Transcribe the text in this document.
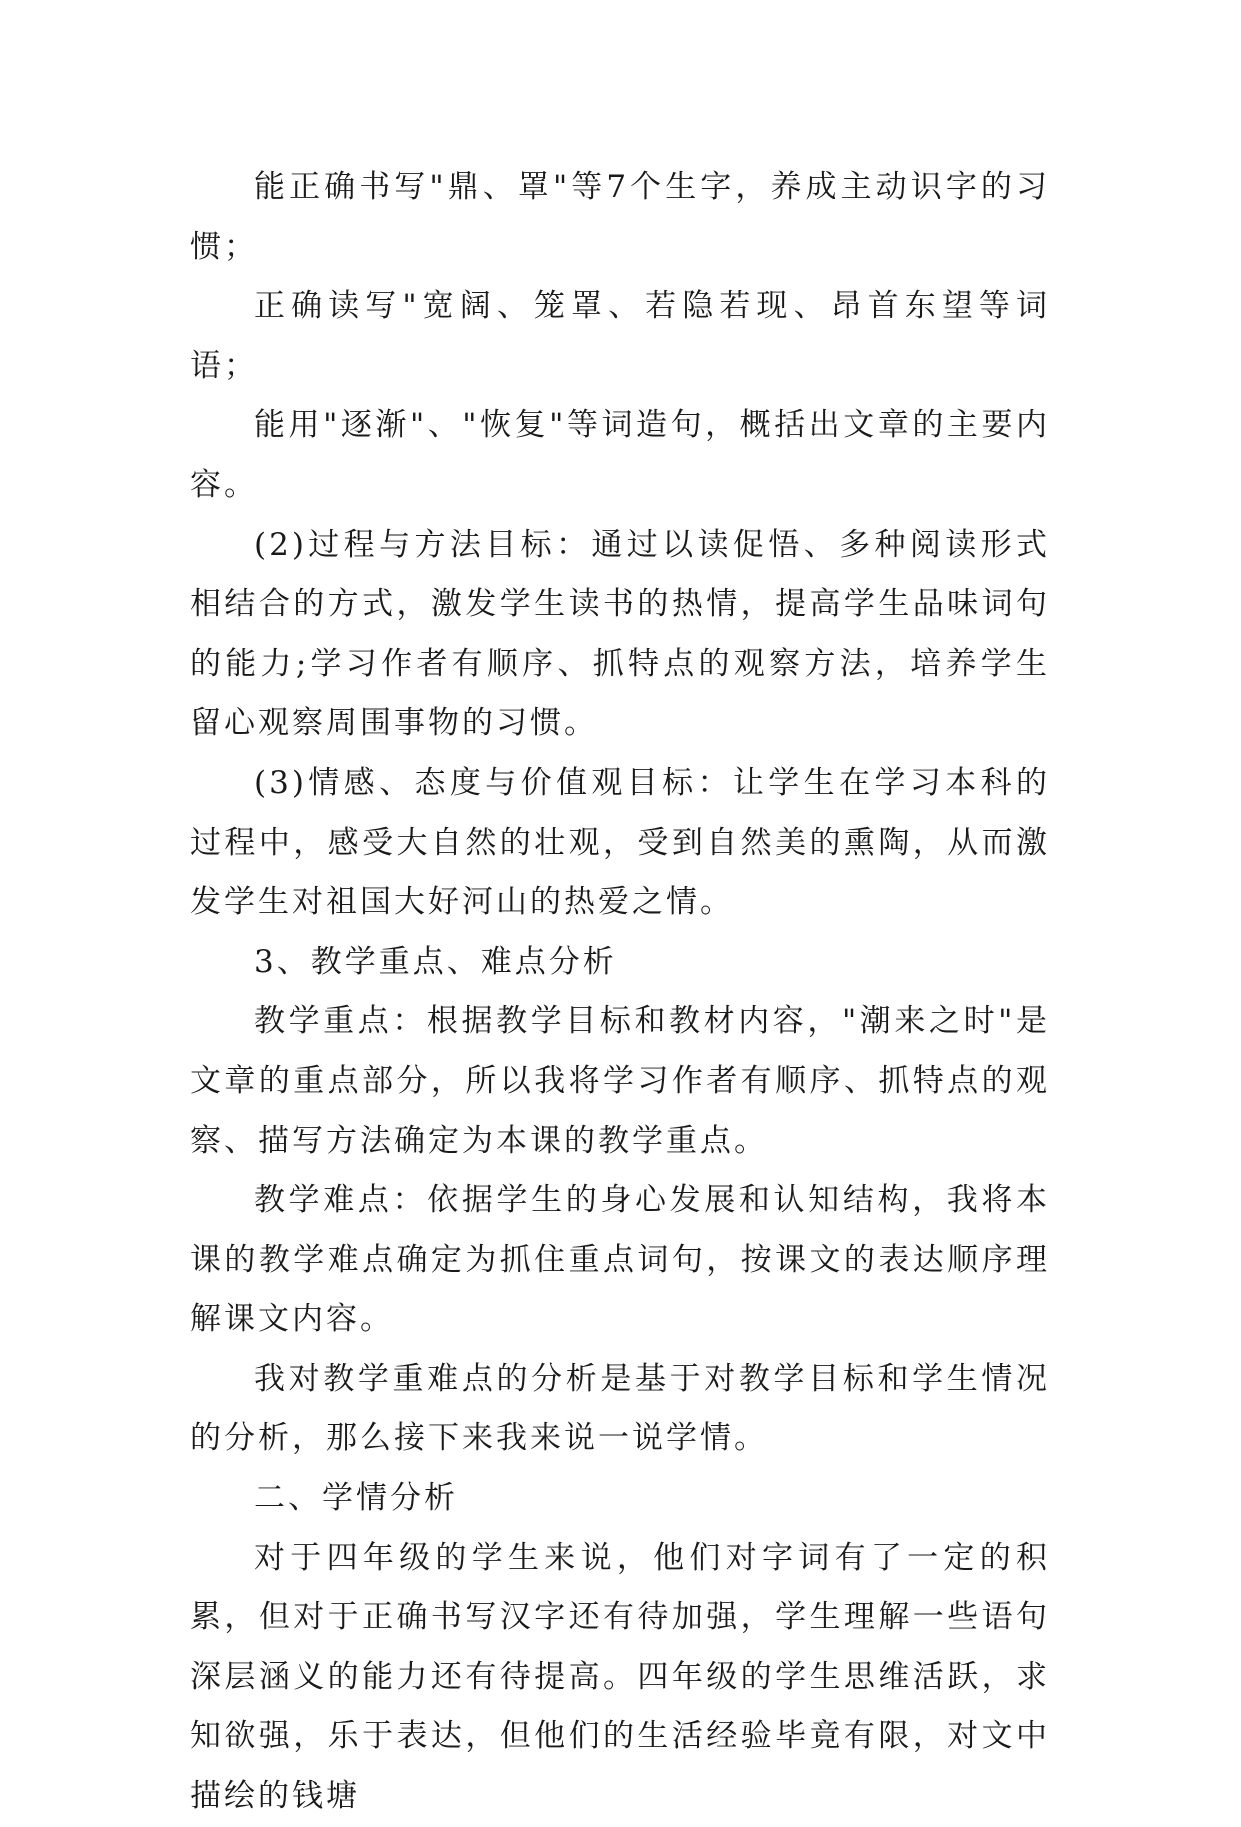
能正确书写"鼎、罩"等7个生字，养成主动识字的习惯；

正确读写"宽阔、笼罩、若隐若现、昂首东望等词语；

能用"逐渐"、"恢复"等词造句，概括出文章的主要内容。

(2)过程与方法目标：通过以读促悟、多种阅读形式相结合的方式，激发学生读书的热情，提高学生品味词句的能力;学习作者有顺序、抓特点的观察方法，培养学生留心观察周围事物的习惯。

(3)情感、态度与价值观目标：让学生在学习本科的过程中，感受大自然的壮观，受到自然美的熏陶，从而激发学生对祖国大好河山的热爱之情。

3、教学重点、难点分析

教学重点：根据教学目标和教材内容，"潮来之时"是文章的重点部分，所以我将学习作者有顺序、抓特点的观察、描写方法确定为本课的教学重点。

教学难点：依据学生的身心发展和认知结构，我将本课的教学难点确定为抓住重点词句，按课文的表达顺序理解课文内容。

我对教学重难点的分析是基于对教学目标和学生情况的分析，那么接下来我来说一说学情。

二、学情分析

对于四年级的学生来说，他们对字词有了一定的积累，但对于正确书写汉字还有待加强，学生理解一些语句深层涵义的能力还有待提高。四年级的学生思维活跃，求知欲强，乐于表达，但他们的生活经验毕竟有限，对文中描绘的钱塘
